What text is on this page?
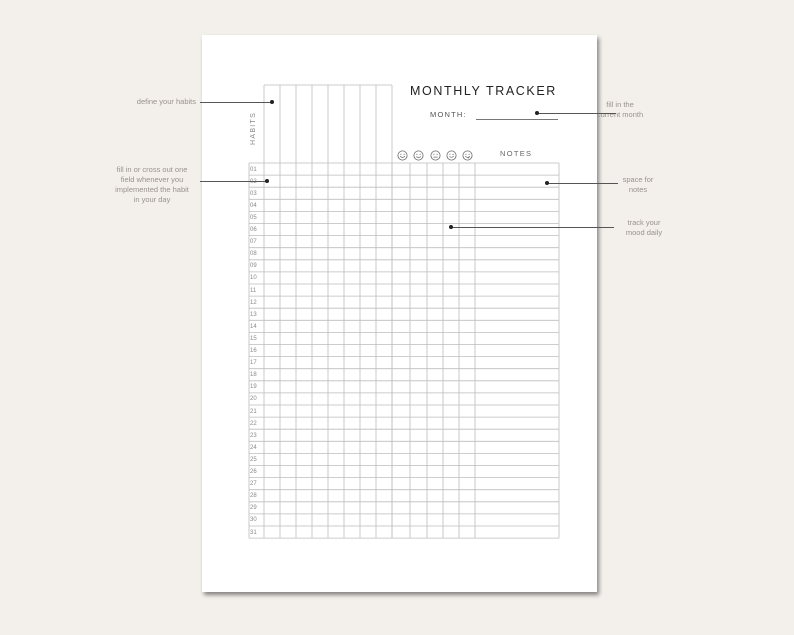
MONTHLY TRACKER
MONTH:
NOTES
HABITS
01
02
03
04
05
06
07
08
09
10
11
12
13
14
15
16
17
18
19
20
21
22
23
24
25
26
27
28
29
30
31
define your habits
fill in or cross out one
field whenever you
implemented the habit
in your day
fill in the
current month
space for
notes
track your
mood daily
